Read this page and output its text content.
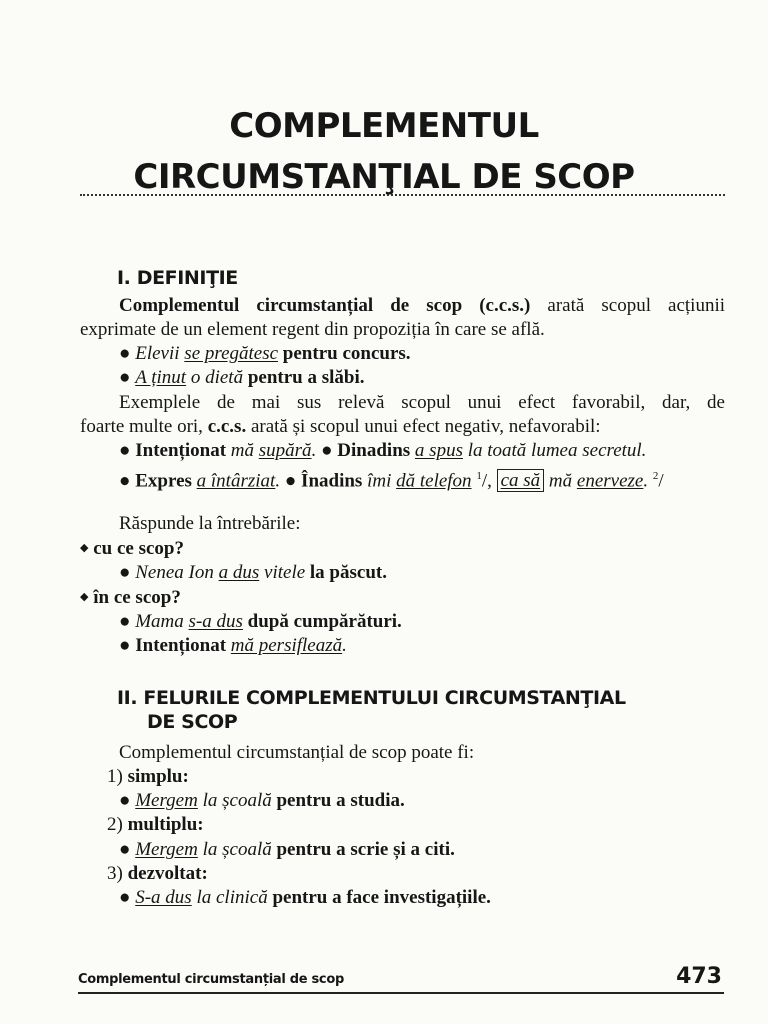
COMPLEMENTUL
CIRCUMSTANŢIAL DE SCOP
I. DEFINIŢIE
Complementul circumstanțial de scop (c.c.s.) arată scopul acțiunii
exprimate de un element regent din propoziția în care se află.
● Elevii se pregătesc pentru concurs.
● A ținut o dietă pentru a slăbi.
Exemplele de mai sus relevă scopul unui efect favorabil, dar, de
foarte multe ori, c.c.s. arată și scopul unui efect negativ, nefavorabil:
● Intenționat mă supără. ● Dinadins a spus la toată lumea secretul.
● Expres a întârziat. ● Înadins îmi dă telefon $^1$/, ca să mă enerveze. $^2$/
Răspunde la întrebările:
◆ cu ce scop?
● Nenea Ion a dus vitele la păscut.
◆ în ce scop?
● Mama s-a dus după cumpărături.
● Intenționat mă persiflează.
II. FELURILE COMPLEMENTULUI CIRCUMSTANŢIAL
DE SCOP
Complementul circumstanțial de scop poate fi:
1) simplu:
● Mergem la școală pentru a studia.
2) multiplu:
● Mergem la școală pentru a scrie și a citi.
3) dezvoltat:
● S-a dus la clinică pentru a face investigațiile.
Complementul circumstanțial de scop	473
